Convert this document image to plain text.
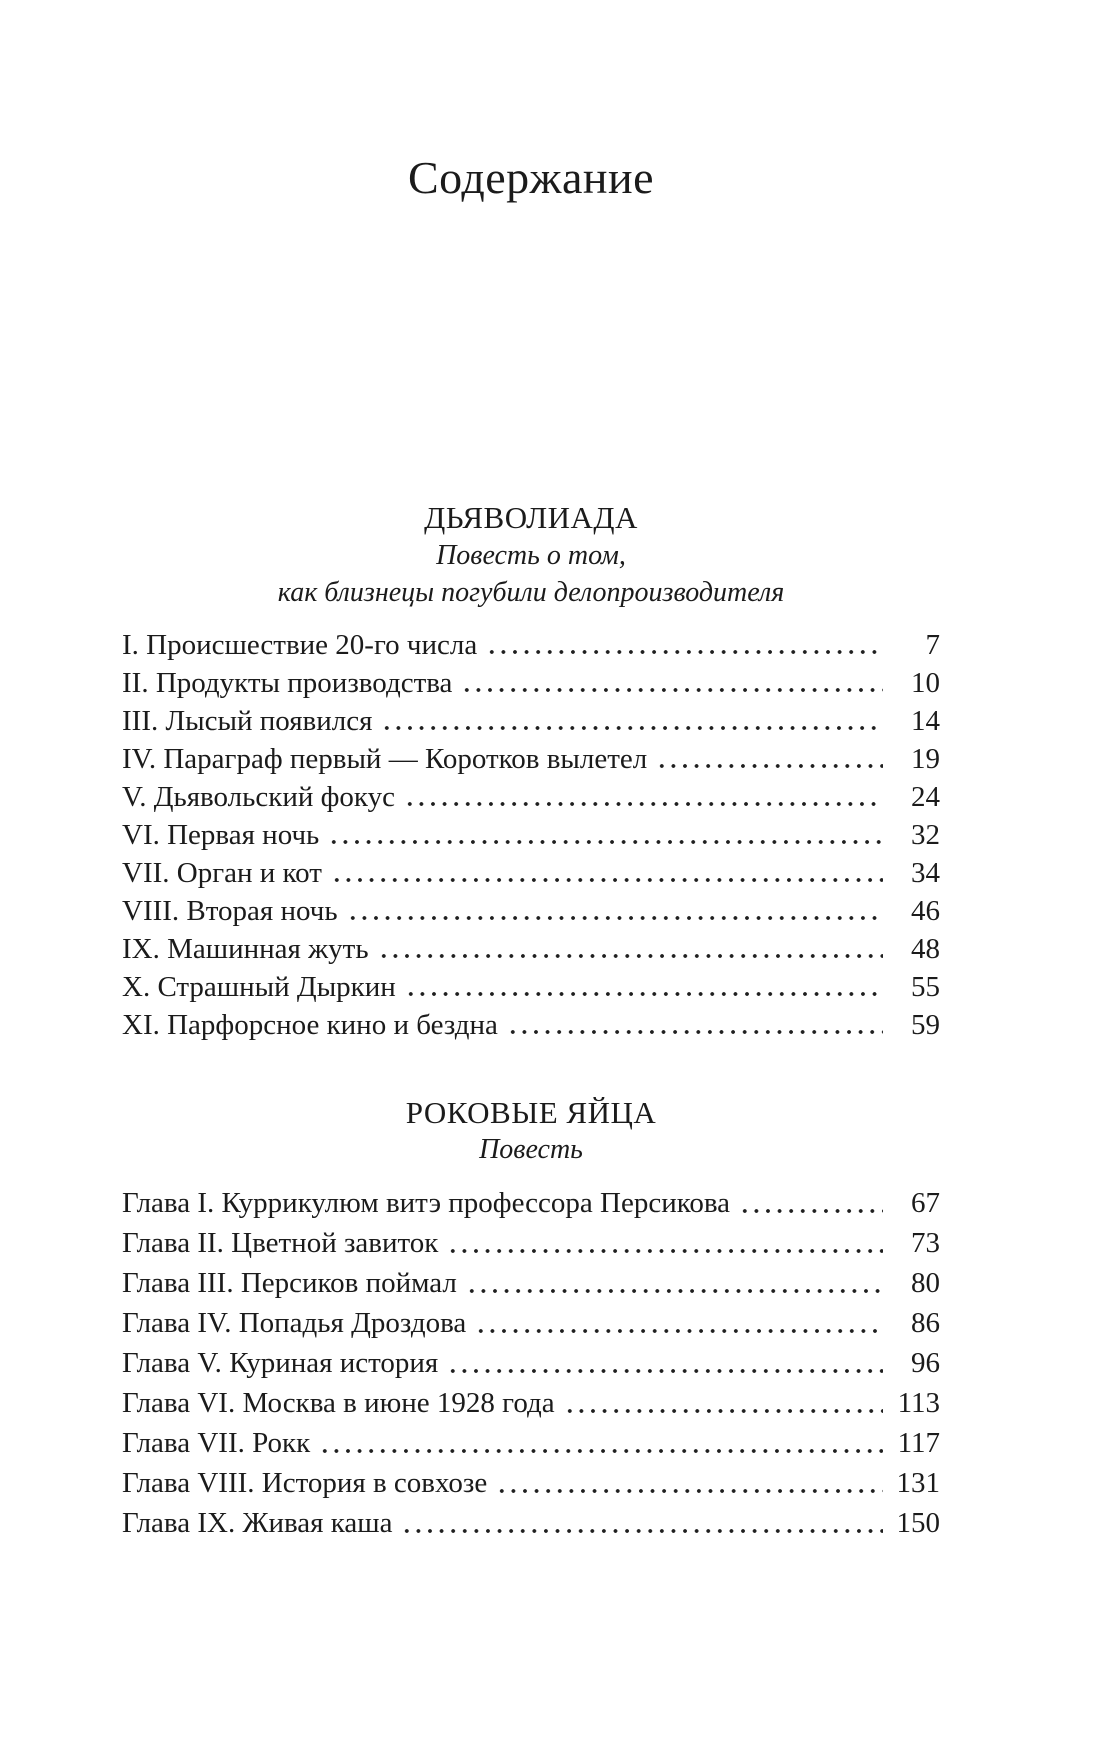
Содержание
ДЬЯВОЛИАДА

Повесть о том,

как близнецы погубили делопроизводителя

I. Происшествие 20-го числа	7
II. Продукты производства	10
III. Лысый появился	14
IV. Параграф первый — Коротков вылетел	19
V. Дьявольский фокус	24
VI. Первая ночь	32
VII. Орган и кот	34
VIII. Вторая ночь	46
IX. Машинная жуть	48
X. Страшный Дыркин	55
XI. Парфорсное кино и бездна	59
РОКОВЫЕ ЯЙЦА

Повесть

Глава I. Куррикулюм витэ профессора Персикова	67
Глава II. Цветной завиток	73
Глава III. Персиков поймал	80
Глава IV. Попадья Дроздова	86
Глава V. Куриная история	96
Глава VI. Москва в июне 1928 года	113
Глава VII. Рокк	117
Глава VIII. История в совхозе	131
Глава IX. Живая каша	150
